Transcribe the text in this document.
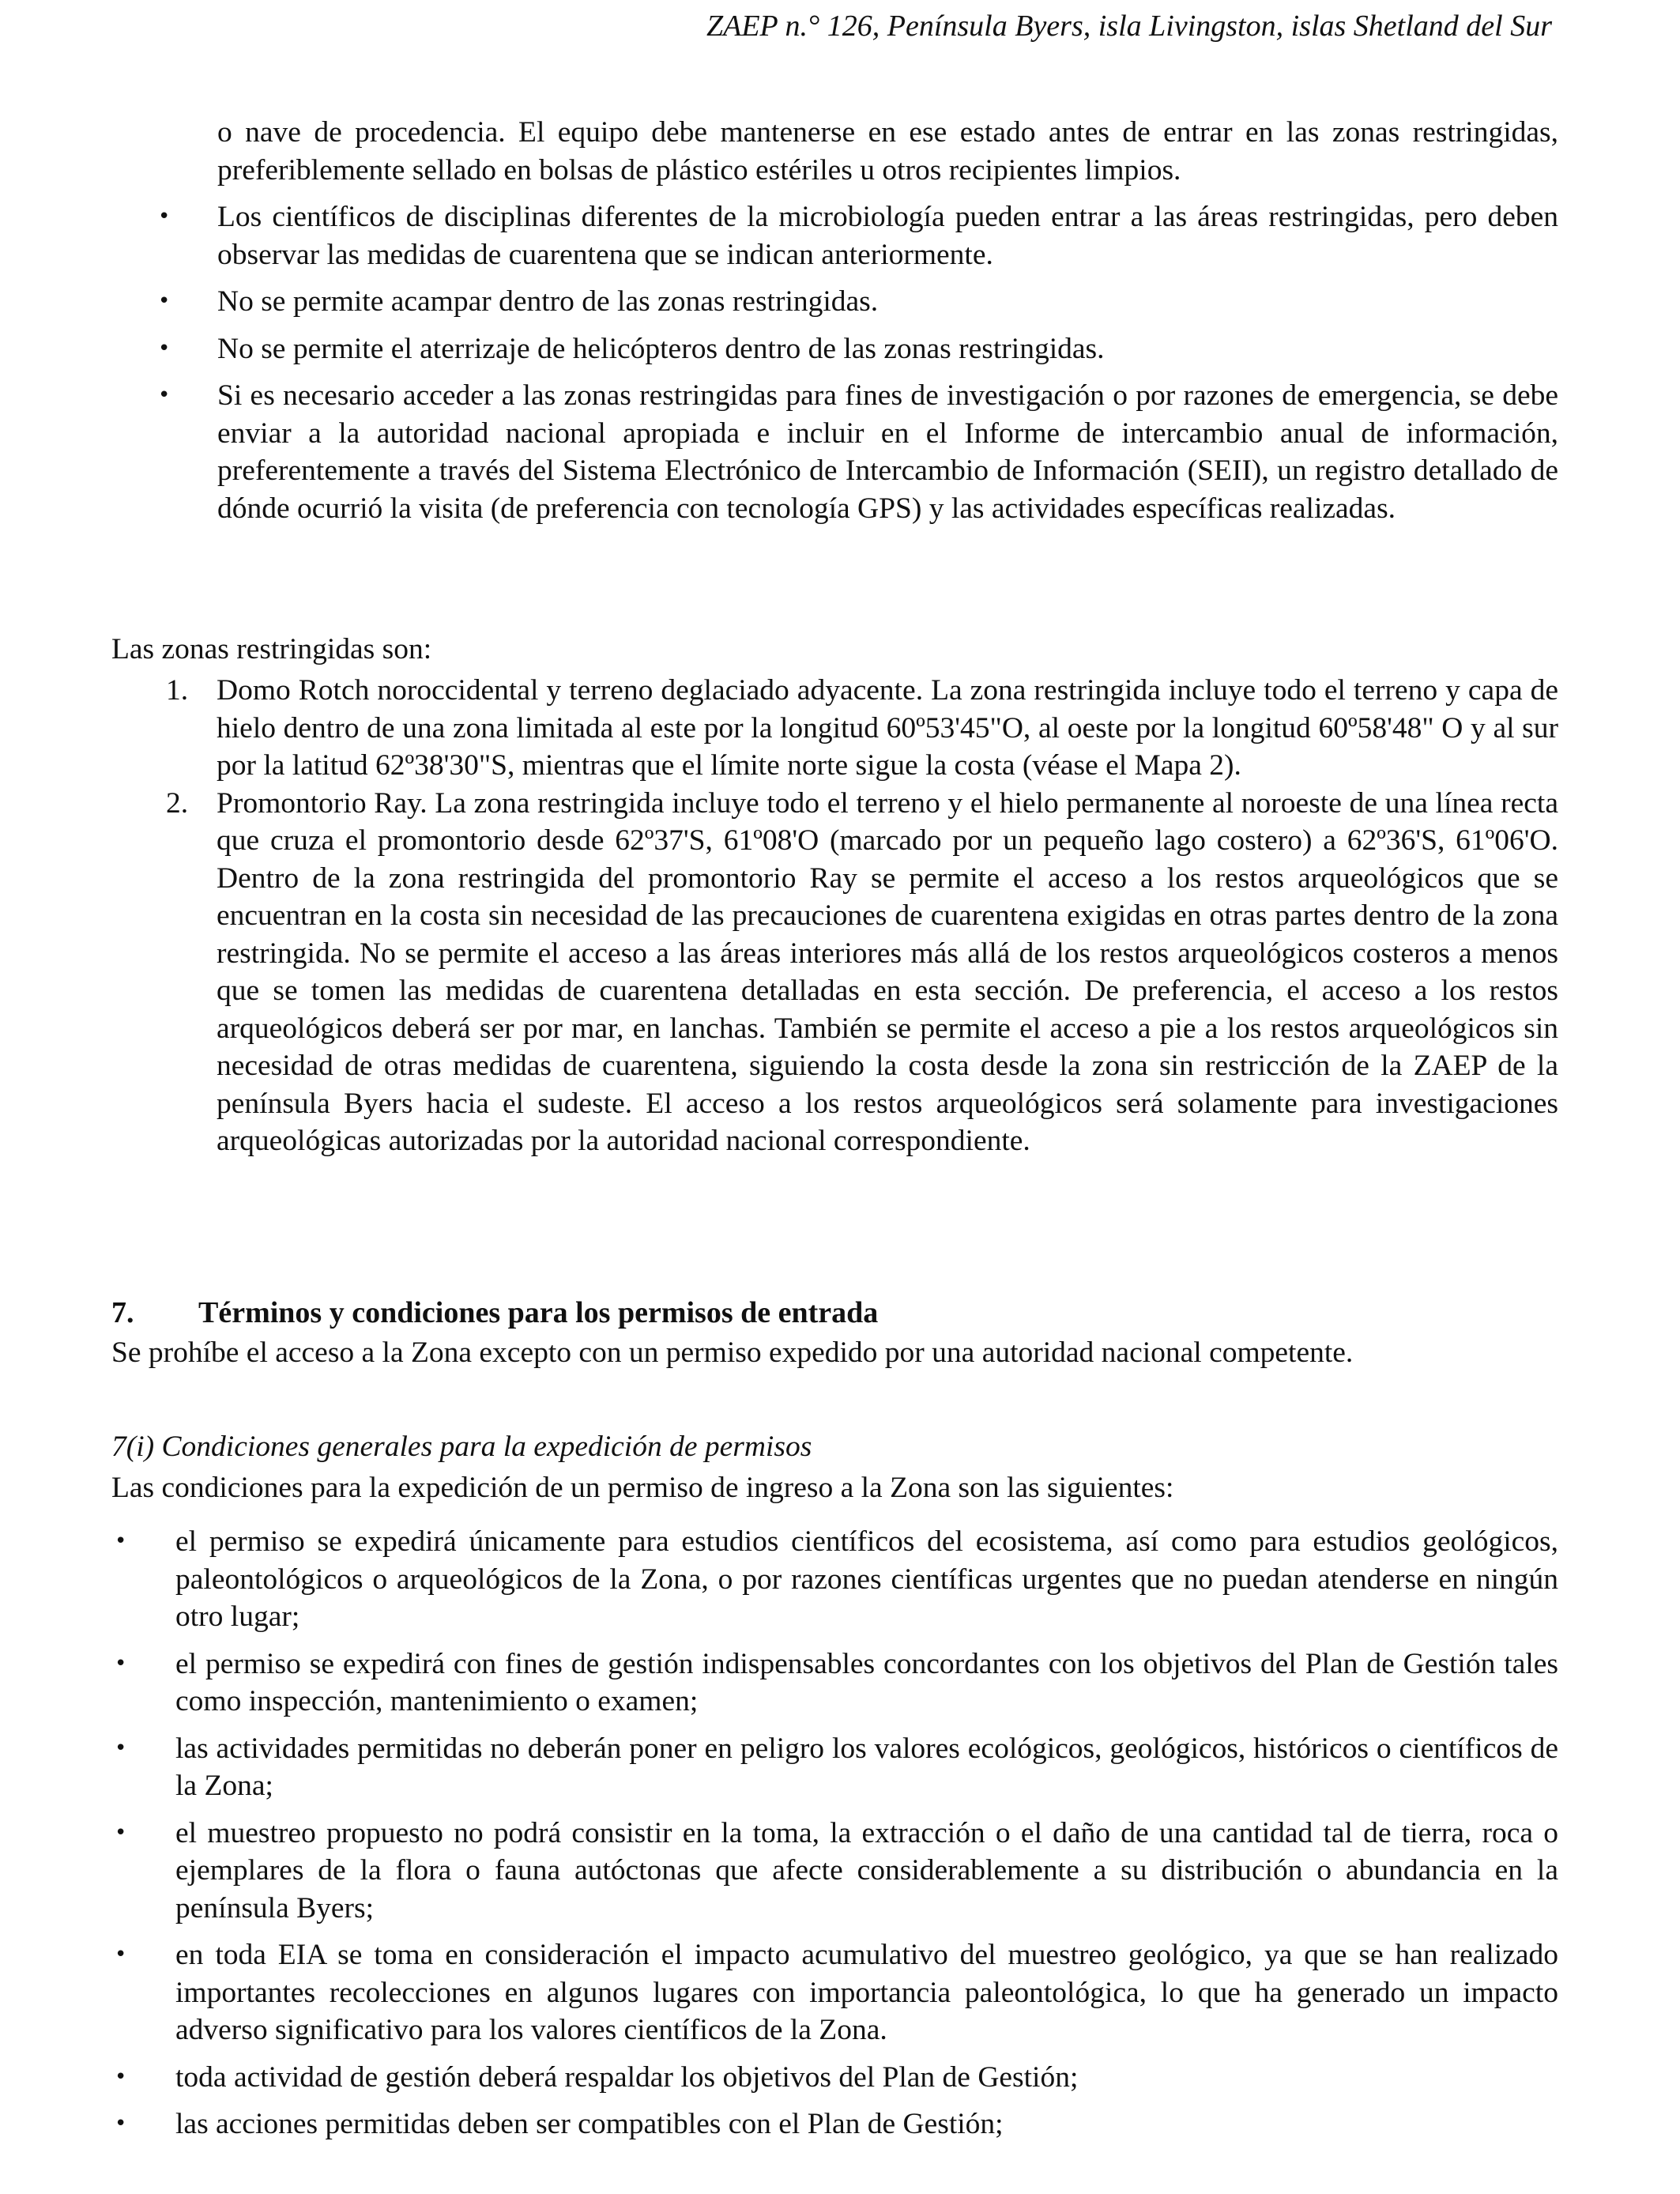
ZAEP n.° 126, Península Byers, isla Livingston, islas Shetland del Sur
o nave de procedencia. El equipo debe mantenerse en ese estado antes de entrar en las zonas restringidas, preferiblemente sellado en bolsas de plástico estériles u otros recipientes limpios.
• Los científicos de disciplinas diferentes de la microbiología pueden entrar a las áreas restringidas, pero deben observar las medidas de cuarentena que se indican anteriormente.
• No se permite acampar dentro de las zonas restringidas.
• No se permite el aterrizaje de helicópteros dentro de las zonas restringidas.
• Si es necesario acceder a las zonas restringidas para fines de investigación o por razones de emergencia, se debe enviar a la autoridad nacional apropiada e incluir en el Informe de intercambio anual de información, preferentemente a través del Sistema Electrónico de Intercambio de Información (SEII), un registro detallado de dónde ocurrió la visita (de preferencia con tecnología GPS) y las actividades específicas realizadas.
Las zonas restringidas son:
1. Domo Rotch noroccidental y terreno deglaciado adyacente. La zona restringida incluye todo el terreno y capa de hielo dentro de una zona limitada al este por la longitud 60º53'45"O, al oeste por la longitud 60º58'48" O y al sur por la latitud 62º38'30"S, mientras que el límite norte sigue la costa (véase el Mapa 2).
2. Promontorio Ray. La zona restringida incluye todo el terreno y el hielo permanente al noroeste de una línea recta que cruza el promontorio desde 62º37'S, 61º08'O (marcado por un pequeño lago costero) a 62º36'S, 61º06'O. Dentro de la zona restringida del promontorio Ray se permite el acceso a los restos arqueológicos que se encuentran en la costa sin necesidad de las precauciones de cuarentena exigidas en otras partes dentro de la zona restringida. No se permite el acceso a las áreas interiores más allá de los restos arqueológicos costeros a menos que se tomen las medidas de cuarentena detalladas en esta sección. De preferencia, el acceso a los restos arqueológicos deberá ser por mar, en lanchas. También se permite el acceso a pie a los restos arqueológicos sin necesidad de otras medidas de cuarentena, siguiendo la costa desde la zona sin restricción de la ZAEP de la península Byers hacia el sudeste. El acceso a los restos arqueológicos será solamente para investigaciones arqueológicas autorizadas por la autoridad nacional correspondiente.
7. Términos y condiciones para los permisos de entrada
Se prohíbe el acceso a la Zona excepto con un permiso expedido por una autoridad nacional competente.
7(i) Condiciones generales para la expedición de permisos
Las condiciones para la expedición de un permiso de ingreso a la Zona son las siguientes:
• el permiso se expedirá únicamente para estudios científicos del ecosistema, así como para estudios geológicos, paleontológicos o arqueológicos de la Zona, o por razones científicas urgentes que no puedan atenderse en ningún otro lugar;
• el permiso se expedirá con fines de gestión indispensables concordantes con los objetivos del Plan de Gestión tales como inspección, mantenimiento o examen;
• las actividades permitidas no deberán poner en peligro los valores ecológicos, geológicos, históricos o científicos de la Zona;
• el muestreo propuesto no podrá consistir en la toma, la extracción o el daño de una cantidad tal de tierra, roca o ejemplares de la flora o fauna autóctonas que afecte considerablemente a su distribución o abundancia en la península Byers;
• en toda EIA se toma en consideración el impacto acumulativo del muestreo geológico, ya que se han realizado importantes recolecciones en algunos lugares con importancia paleontológica, lo que ha generado un impacto adverso significativo para los valores científicos de la Zona.
• toda actividad de gestión deberá respaldar los objetivos del Plan de Gestión;
• las acciones permitidas deben ser compatibles con el Plan de Gestión;
